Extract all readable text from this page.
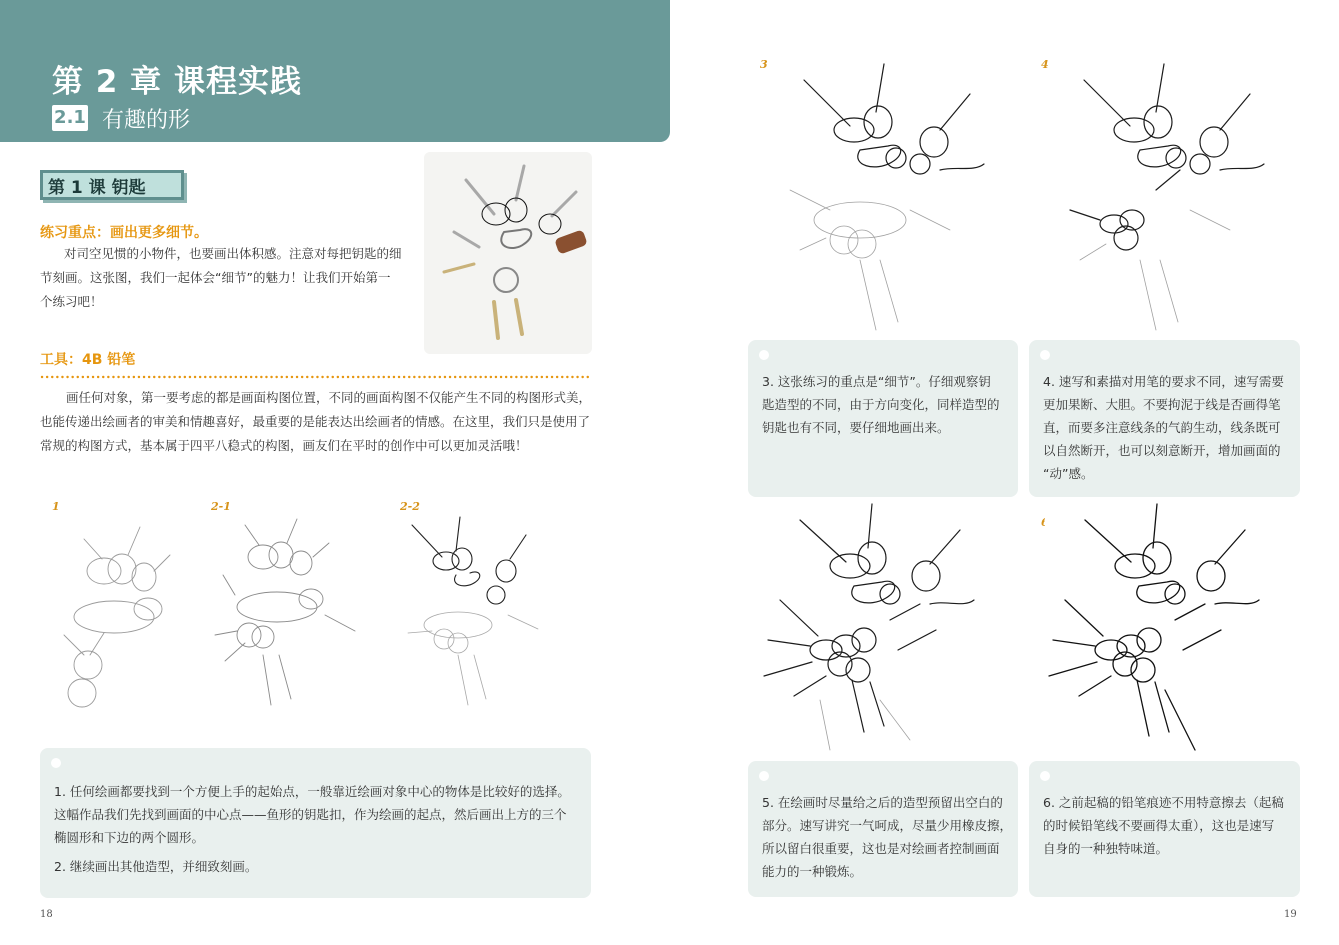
第 2 章 课程实践
2.1 有趣的形
第 1 课 钥匙
练习重点：画出更多细节。
对司空见惯的小物件，也要画出体积感。注意对每把钥匙的细
节刻画。这张图，我们一起体会“细节”的魅力！让我们开始第一
个练习吧！
工具：4B 铅笔
画任何对象，第一要考虑的都是画面构图位置，不同的画面构图不仅能产生不同的构图形式美，
也能传递出绘画者的审美和情趣喜好，最重要的是能表达出绘画者的情感。在这里，我们只是使用了
常规的构图方式，基本属于四平八稳式的构图，画友们在平时的创作中可以更加灵活哦！
1	2-1	2-2
1. 任何绘画都要找到一个方便上手的起始点，一般靠近绘画对象中心的物体是比较好的选择。
这幅作品我们先找到画面的中心点——鱼形的钥匙扣，作为绘画的起点，然后画出上方的三个
椭圆形和下边的两个圆形。
2. 继续画出其他造型，并细致刻画。
18
3	4
5	6
3. 这张练习的重点是“细节”。仔细观察钥
匙造型的不同，由于方向变化，同样造型的
钥匙也有不同，要仔细地画出来。
4. 速写和素描对用笔的要求不同，速写需要
更加果断、大胆。不要拘泥于线是否画得笔
直，而要多注意线条的气韵生动，线条既可
以自然断开，也可以刻意断开，增加画面的
“动”感。
5. 在绘画时尽量给之后的造型预留出空白的
部分。速写讲究一气呵成，尽量少用橡皮擦，
所以留白很重要，这也是对绘画者控制画面
能力的一种锻炼。
6. 之前起稿的铅笔痕迹不用特意擦去（起稿
的时候铅笔线不要画得太重），这也是速写
自身的一种独特味道。
19
